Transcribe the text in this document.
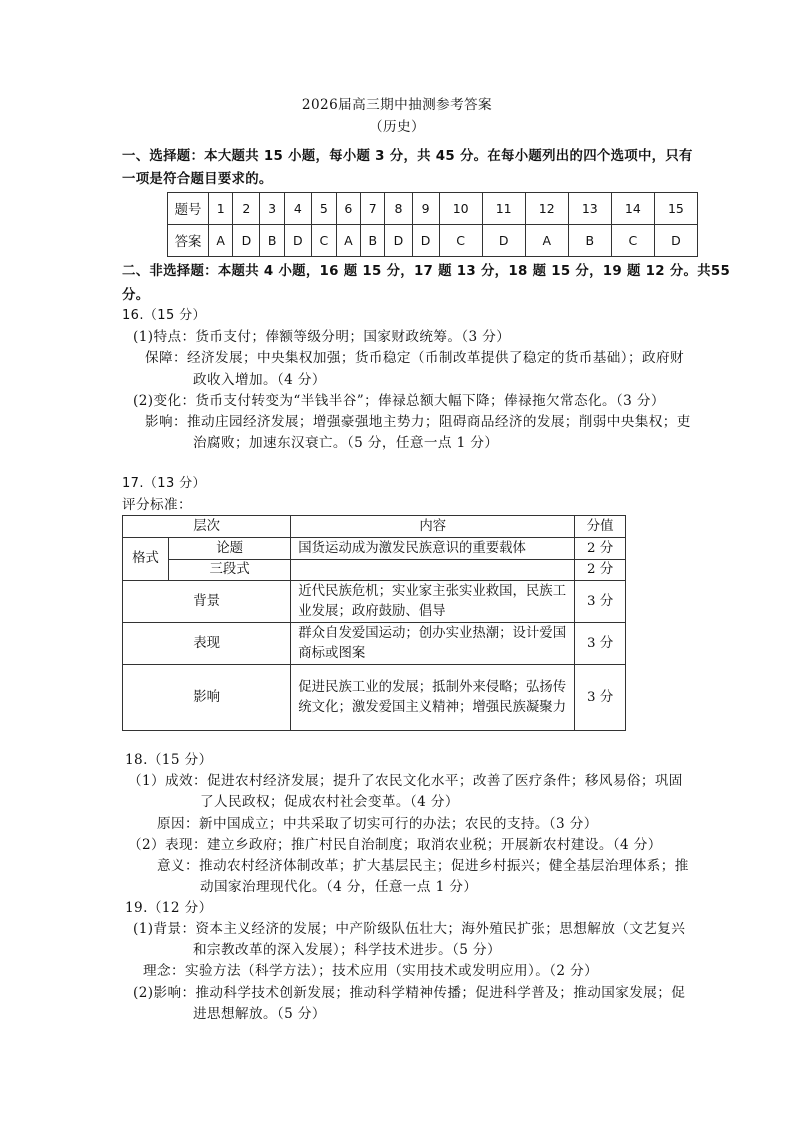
2026届高三期中抽测参考答案
（历史）
一、选择题：本大题共 15 小题，每小题 3 分，共 45 分。在每小题列出的四个选项中，只有
一项是符合题目要求的。
题号	1	2	3	4	5	6	7	8	9	10	11	12	13	14	15
答案	A	D	B	D	C	A	B	D	D	C	D	A	B	C	D
二、非选择题：本题共 4 小题，16 题 15 分，17 题 13 分，18 题 15 分，19 题 12 分。共55
分。
16.（15 分）
(1)特点：货币支付；俸额等级分明；国家财政统筹。（3 分）
保障：经济发展；中央集权加强；货币稳定（币制改革提供了稳定的货币基础）；政府财
政收入增加。（4 分）
(2)变化：货币支付转变为“半钱半谷”；俸禄总额大幅下降；俸禄拖欠常态化。（3 分）
影响：推动庄园经济发展；增强豪强地主势力；阻碍商品经济的发展；削弱中央集权；吏
治腐败；加速东汉衰亡。（5 分，任意一点 1 分）
17.（13 分）
评分标准：
层次		内容	分值
格式	论题	国货运动成为激发民族意识的重要载体	2 分
	三段式		2 分
背景		近代民族危机；实业家主张实业救国，民族工业发展；政府鼓励、倡导	3 分
表现		群众自发爱国运动；创办实业热潮；设计爱国商标或图案	3 分
影响		促进民族工业的发展；抵制外来侵略；弘扬传统文化；激发爱国主义精神；增强民族凝聚力	3 分
18.（15 分）
（1）成效：促进农村经济发展；提升了农民文化水平；改善了医疗条件；移风易俗；巩固
了人民政权；促成农村社会变革。（4 分）
原因：新中国成立；中共采取了切实可行的办法；农民的支持。（3 分）
（2）表现：建立乡政府；推广村民自治制度；取消农业税；开展新农村建设。（4 分）
意义：推动农村经济体制改革；扩大基层民主；促进乡村振兴；健全基层治理体系；推
动国家治理现代化。（4 分，任意一点 1 分）
19.（12 分）
(1)背景：资本主义经济的发展；中产阶级队伍壮大；海外殖民扩张；思想解放（文艺复兴
和宗教改革的深入发展）；科学技术进步。（5 分）
理念：实验方法（科学方法）；技术应用（实用技术或发明应用）。（2 分）
(2)影响：推动科学技术创新发展；推动科学精神传播；促进科学普及；推动国家发展；促
进思想解放。（5 分）
